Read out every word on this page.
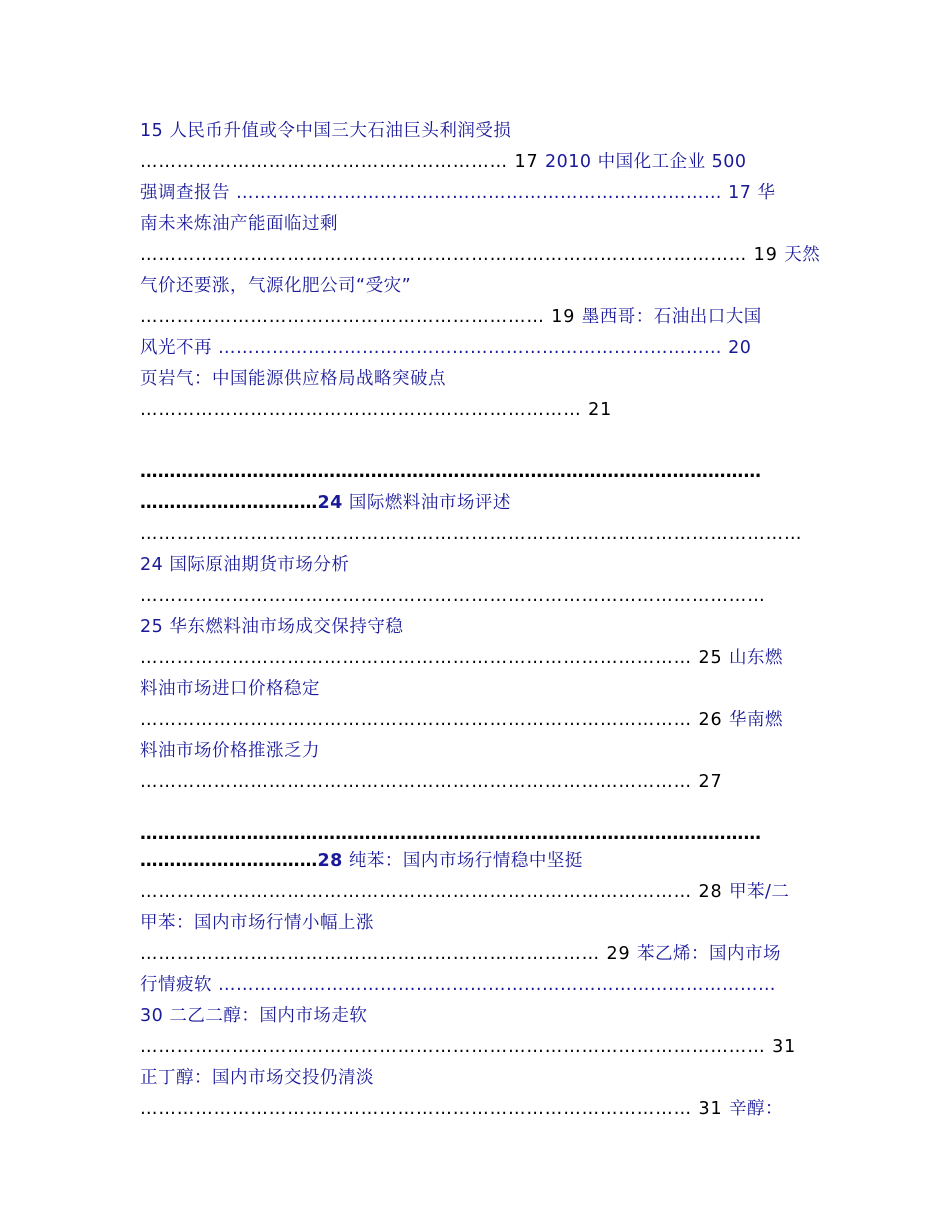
15 人民币升值或令中国三大石油巨头利润受损
…………………………………………………… 17 2010 中国化工企业 500
强调查报告 ……………………………………………………………………… 17 华
南未来炼油产能面临过剩
……………………………………………………………………………………… 19 天然
气价还要涨，气源化肥公司“受灾”
………………………………………………………… 19 墨西哥：石油出口大国
风光不再 ………………………………………………………………………… 20
页岩气：中国能源供应格局战略突破点
……………………………………………………………… 21
……………………………………………………………………………………………
…………………………24 国际燃料油市场评述
………………………………………………………………………………………………
24 国际原油期货市场分析
…………………………………………………………………………………………
25 华东燃料油市场成交保持守稳
……………………………………………………………………………… 25 山东燃
料油市场进口价格稳定
……………………………………………………………………………… 26 华南燃
料油市场价格推涨乏力
……………………………………………………………………………… 27
……………………………………………………………………………………………
…………………………28 纯苯：国内市场行情稳中坚挺
……………………………………………………………………………… 28 甲苯/二
甲苯：国内市场行情小幅上涨
………………………………………………………………… 29 苯乙烯：国内市场
行情疲软 …………………………………………………………………………………
30 二乙二醇：国内市场走软
………………………………………………………………………………………… 31
正丁醇：国内市场交投仍清淡
……………………………………………………………………………… 31 辛醇：
